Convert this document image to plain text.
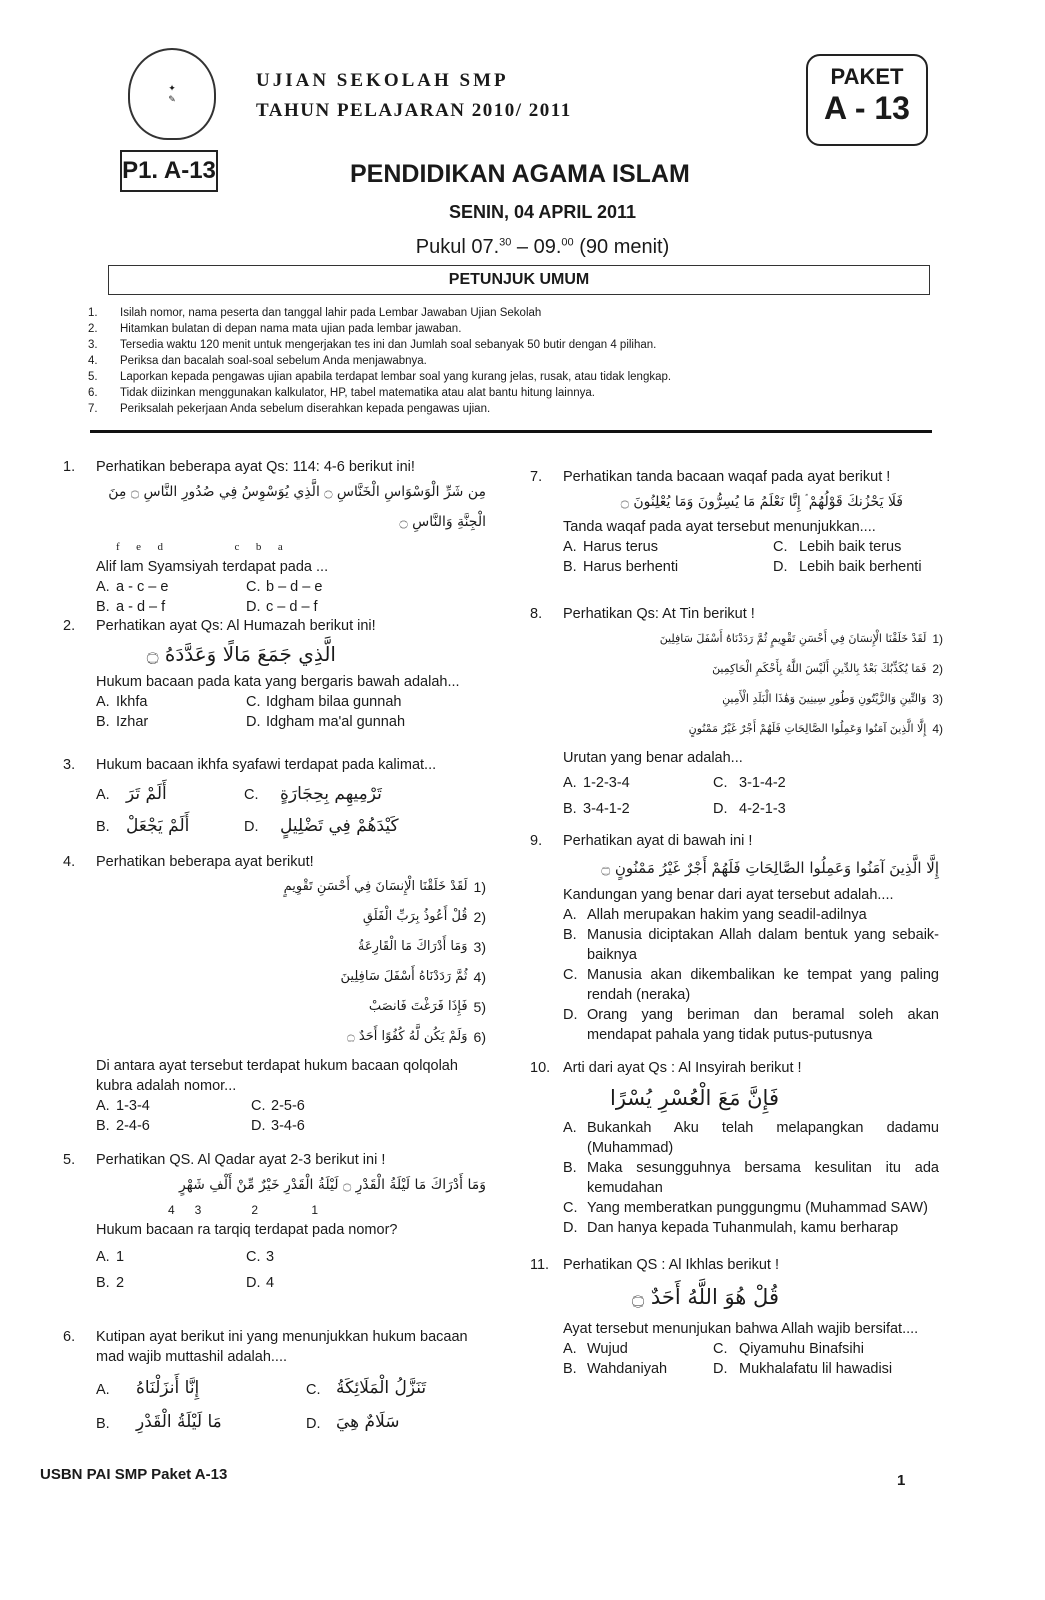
✦
✎
UJIAN SEKOLAH SMP
TAHUN PELAJARAN 2010/ 2011
PAKET
A - 13
P1. A-13	PENDIDIKAN AGAMA ISLAM
SENIN, 04 APRIL 2011
Pukul 07.30 – 09.00 (90 menit)
PETUNJUK UMUM
1.	Isilah nomor, nama peserta dan tanggal lahir pada Lembar Jawaban Ujian Sekolah
2.	Hitamkan bulatan di depan nama mata ujian pada lembar jawaban.
3.	Tersedia waktu 120 menit untuk mengerjakan tes ini dan Jumlah soal sebanyak 50 butir dengan 4 pilihan.
4.	Periksa dan bacalah soal-soal sebelum Anda menjawabnya.
5.	Laporkan kepada pengawas ujian apabila terdapat lembar soal yang kurang jelas, rusak, atau tidak lengkap.
6.	Tidak diizinkan menggunakan kalkulator, HP, tabel matematika atau alat bantu hitung lainnya.
7.	Periksalah pekerjaan Anda sebelum diserahkan kepada pengawas ujian.
1. Perhatikan beberapa ayat Qs: 114: 4-6 berikut ini!
مِن شَرِّ الْوَسْوَاسِ الْخَنَّاسِ ۝ الَّذِي يُوَسْوِسُ فِي صُدُورِ النَّاسِ ۝ مِنَ الْجِنَّةِ وَالنَّاسِ ۝
f      e      d                          c      b      a
Alif lam Syamsiyah terdapat pada ...
A. a - c – e	C. b – d – e
B. a - d – f	D. c – d – f
2. Perhatikan ayat Qs: Al Humazah berikut ini!
الَّذِي جَمَعَ مَالًا وَعَدَّدَهُ ۝
Hukum bacaan pada kata yang bergaris bawah adalah...
A. Ikhfa	C. Idgham bilaa gunnah
B. Izhar	D. Idgham ma'al gunnah
3. Hukum bacaan ikhfa syafawi terdapat pada kalimat...
A. أَلَمْ تَرَ	C.	تَرْمِيهِم بِحِجَارَةٍ
B. أَلَمْ يَجْعَلْ	D.	كَيْدَهُمْ فِي تَضْلِيلٍ
4. Perhatikan beberapa ayat berikut!
لَقَدْ خَلَقْنَا الْإِنسَانَ فِي أَحْسَنِ تَقْوِيمٍ 1)
قُلْ أَعُوذُ بِرَبِّ الْفَلَقِ 2)
وَمَا أَدْرَاكَ مَا الْقَارِعَةُ 3)
ثُمَّ رَدَدْنَاهُ أَسْفَلَ سَافِلِينَ 4)
فَإِذَا فَرَغْتَ فَانصَبْ 5)
وَلَمْ يَكُن لَّهُ كُفُوًا أَحَدٌ ۝ 6)
Di antara ayat tersebut terdapat hukum bacaan qolqolah kubra adalah nomor...
A. 1-3-4	C. 2-5-6
B. 2-4-6	D. 3-4-6
5. Perhatikan QS. Al Qadar ayat 2-3 berikut ini !
وَمَا أَدْرَاكَ مَا لَيْلَةُ الْقَدْرِ ۝ لَيْلَةُ الْقَدْرِ خَيْرٌ مِّنْ أَلْفِ شَهْرٍ
4      3               2                1
Hukum bacaan ra tarqiq terdapat pada nomor?
A. 1	C. 3
B. 2	D. 4
6. Kutipan ayat berikut ini yang menunjukkan hukum bacaan mad wajib muttashil adalah....
A.	إِنَّا أَنزَلْنَاهُ	C. تَنَزَّلُ الْمَلَائِكَةُ
B.	مَا لَيْلَةُ الْقَدْرِ	D. سَلَامٌ هِيَ
7. Perhatikan tanda bacaan waqaf pada ayat berikut !
فَلَا يَحْزُنكَ قَوْلُهُمْ ۘ إِنَّا نَعْلَمُ مَا يُسِرُّونَ وَمَا يُعْلِنُونَ ۝
Tanda waqaf pada ayat tersebut menunjukkan....
A. Harus terus	C. Lebih baik terus
B. Harus berhenti	D. Lebih baik berhenti
8. Perhatikan Qs: At Tin berikut !
لَقَدْ خَلَقْنَا الْإِنسَانَ فِي أَحْسَنِ تَقْوِيمٍ ثُمَّ رَدَدْنَاهُ أَسْفَلَ سَافِلِينَ 1)
فَمَا يُكَذِّبُكَ بَعْدُ بِالدِّينِ أَلَيْسَ اللَّهُ بِأَحْكَمِ الْحَاكِمِينَ 2)
وَالتِّينِ وَالزَّيْتُونِ وَطُورِ سِينِينَ وَهَٰذَا الْبَلَدِ الْأَمِينِ 3)
إِلَّا الَّذِينَ آمَنُوا وَعَمِلُوا الصَّالِحَاتِ فَلَهُمْ أَجْرٌ غَيْرُ مَمْنُونٍ 4)
Urutan yang benar adalah...
A. 1-2-3-4	C. 3-1-4-2
B. 3-4-1-2	D. 4-2-1-3
9. Perhatikan ayat di bawah ini !
إِلَّا الَّذِينَ آمَنُوا وَعَمِلُوا الصَّالِحَاتِ فَلَهُمْ أَجْرٌ غَيْرُ مَمْنُونٍ ۝
Kandungan yang benar dari ayat tersebut adalah....
A. Allah merupakan hakim yang seadil-adilnya
B. Manusia diciptakan Allah dalam bentuk yang sebaik-baiknya
C. Manusia akan dikembalikan ke tempat yang paling rendah (neraka)
D. Orang yang beriman dan beramal soleh akan mendapat pahala yang tidak putus-putusnya
10. Arti dari ayat Qs : Al Insyirah berikut !
فَإِنَّ مَعَ الْعُسْرِ يُسْرًا
A. Bukankah Aku telah melapangkan dadamu (Muhammad)
B. Maka sesungguhnya bersama kesulitan itu ada kemudahan
C. Yang memberatkan punggungmu (Muhammad SAW)
D. Dan hanya kepada Tuhanmulah, kamu berharap
11. Perhatikan QS : Al Ikhlas berikut !
قُلْ هُوَ اللَّهُ أَحَدٌ ۝
Ayat tersebut menunjukan bahwa Allah wajib bersifat....
A. Wujud	C. Qiyamuhu Binafsihi
B. Wahdaniyah	D. Mukhalafatu lil hawadisi
USBN PAI SMP Paket A-13	1
